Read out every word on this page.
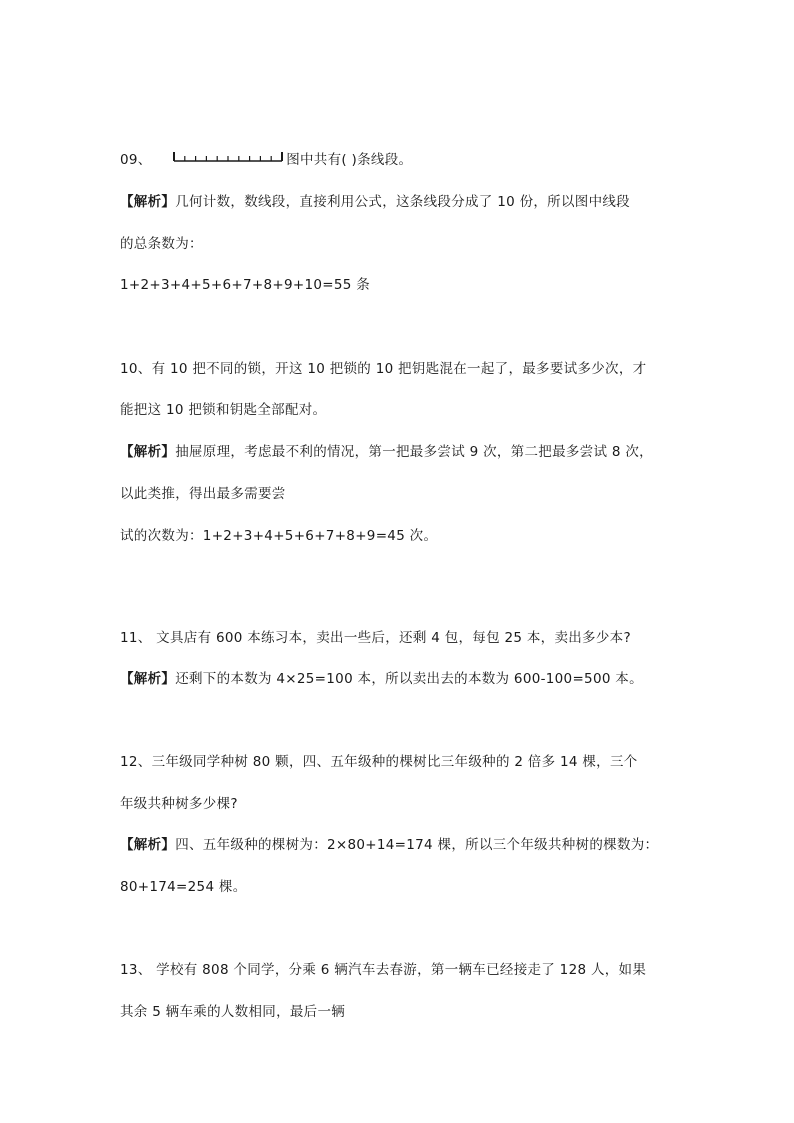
09、	图中共有( )条线段。
【解析】几何计数，数线段，直接利用公式，这条线段分成了 10 份，所以图中线段
的总条数为：
1+2+3+4+5+6+7+8+9+10=55 条
10、有 10 把不同的锁，开这 10 把锁的 10 把钥匙混在一起了，最多要试多少次，才
能把这 10 把锁和钥匙全部配对。
【解析】抽屉原理，考虑最不利的情况，第一把最多尝试 9 次，第二把最多尝试 8 次，
以此类推，得出最多需要尝
试的次数为：1+2+3+4+5+6+7+8+9=45 次。
11、 文具店有 600 本练习本，卖出一些后，还剩 4 包，每包 25 本，卖出多少本?
【解析】还剩下的本数为 4×25=100 本，所以卖出去的本数为 600-100=500 本。
12、三年级同学种树 80 颗，四、五年级种的棵树比三年级种的 2 倍多 14 棵，三个
年级共种树多少棵?
【解析】四、五年级种的棵树为：2×80+14=174 棵，所以三个年级共种树的棵数为：
80+174=254 棵。
13、 学校有 808 个同学，分乘 6 辆汽车去春游，第一辆车已经接走了 128 人，如果
其余 5 辆车乘的人数相同，最后一辆
